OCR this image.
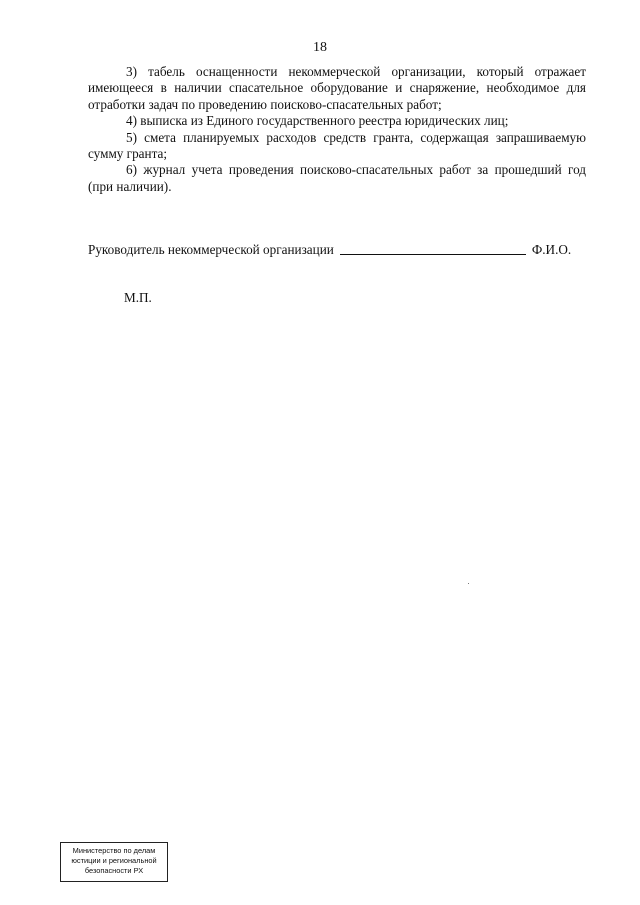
18

3) табель оснащенности некоммерческой организации, который отражает имеющееся в наличии спасательное оборудование и снаряжение, необходимое для отработки задач по проведению поисково-спасательных работ;

4) выписка из Единого государственного реестра юридических лиц;

5) смета планируемых расходов средств гранта, содержащая запрашиваемую сумму гранта;

6) журнал учета проведения поисково-спасательных работ за прошедший год (при наличии).

Руководитель некоммерческой организации	Ф.И.О.
М.П.
Министерство по делам
юстиции и региональной
безопасности РХ
